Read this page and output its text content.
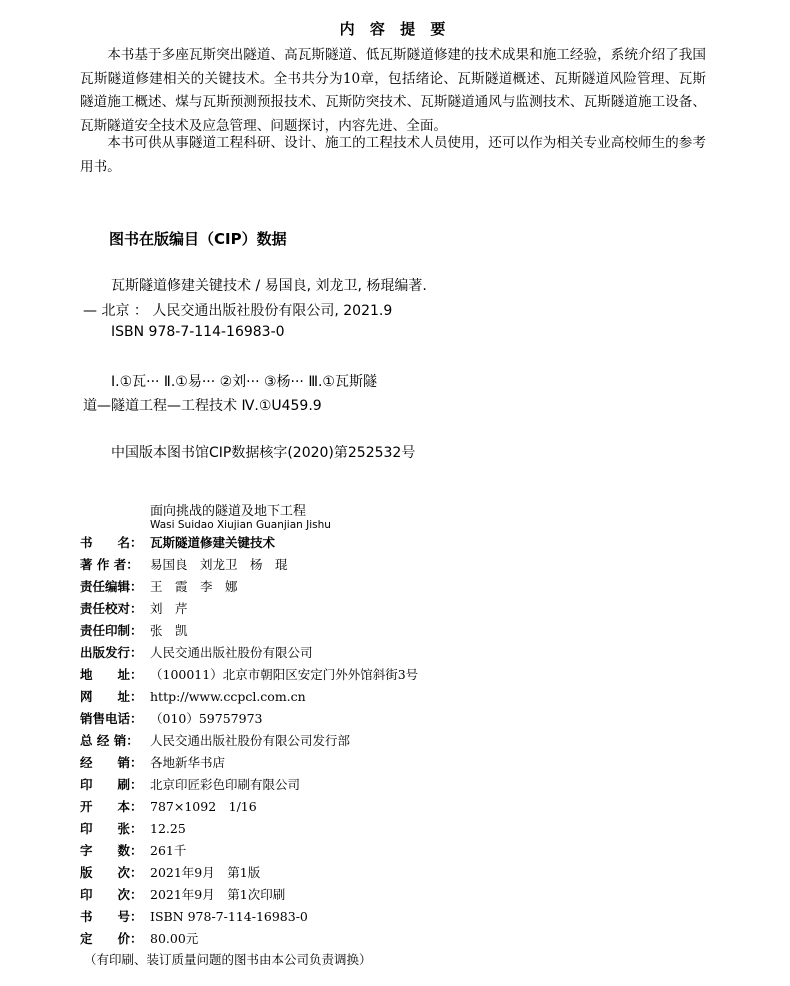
内 容 提 要
本书基于多座瓦斯突出隧道、高瓦斯隧道、低瓦斯隧道修建的技术成果和施工经验，系统介绍了我国瓦斯隧道修建相关的关键技术。全书共分为10章，包括绪论、瓦斯隧道概述、瓦斯隧道风险管理、瓦斯隧道施工概述、煤与瓦斯预测预报技术、瓦斯防突技术、瓦斯隧道通风与监测技术、瓦斯隧道施工设备、瓦斯隧道安全技术及应急管理、问题探讨，内容先进、全面。
本书可供从事隧道工程科研、设计、施工的工程技术人员使用，还可以作为相关专业高校师生的参考用书。
图书在版编目（CIP）数据
瓦斯隧道修建关键技术 / 易国良, 刘龙卫, 杨琨编著.
— 北京 ： 人民交通出版社股份有限公司, 2021.9
ISBN 978-7-114-16983-0
Ⅰ.①瓦··· Ⅱ.①易··· ②刘··· ③杨··· Ⅲ.①瓦斯隧
道—隧道工程—工程技术 Ⅳ.①U459.9
中国版本图书馆CIP数据核字(2020)第252532号
面向挑战的隧道及地下工程
Wasi Suidao Xiujian Guanjian Jishu
书　　名： 瓦斯隧道修建关键技术
著 作 者： 易国良　刘龙卫　杨　琨
责任编辑： 王　霞　李　娜
责任校对： 刘　芹
责任印制： 张　凯
出版发行： 人民交通出版社股份有限公司
地　　址： （100011）北京市朝阳区安定门外外馆斜街3号
网　　址： http://www.ccpcl.com.cn
销售电话： （010）59757973
总 经 销： 人民交通出版社股份有限公司发行部
经　　销： 各地新华书店
印　　刷： 北京印匠彩色印刷有限公司
开　　本： 787×1092　1/16
印　　张： 12.25
字　　数： 261千
版　　次： 2021年9月　第1版
印　　次： 2021年9月　第1次印刷
书　　号： ISBN 978-7-114-16983-0
定　　价： 80.00元
（有印刷、装订质量问题的图书由本公司负责调换）
